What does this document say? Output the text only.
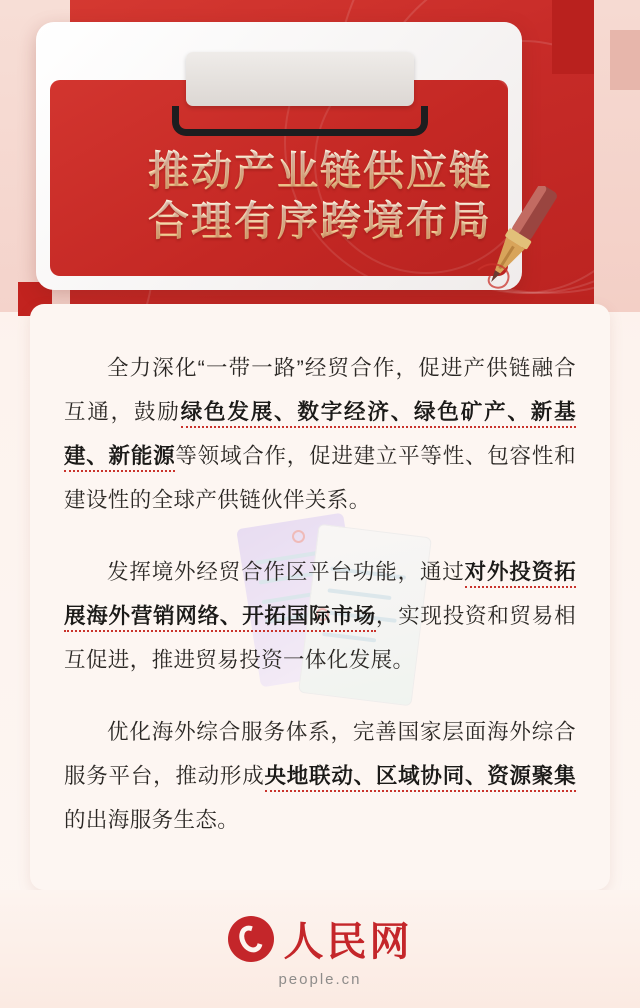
推动产业链供应链
合理有序跨境布局

全力深化“一带一路”经贸合作，促进产供链融合互通，鼓励绿色发展、数字经济、绿色矿产、新基建、新能源等领域合作，促进建立平等性、包容性和建设性的全球产供链伙伴关系。

发挥境外经贸合作区平台功能，通过对外投资拓展海外营销网络、开拓国际市场，实现投资和贸易相互促进，推进贸易投资一体化发展。

优化海外综合服务体系，完善国家层面海外综合服务平台，推动形成央地联动、区域协同、资源聚集的出海服务生态。

人民网
people.cn
